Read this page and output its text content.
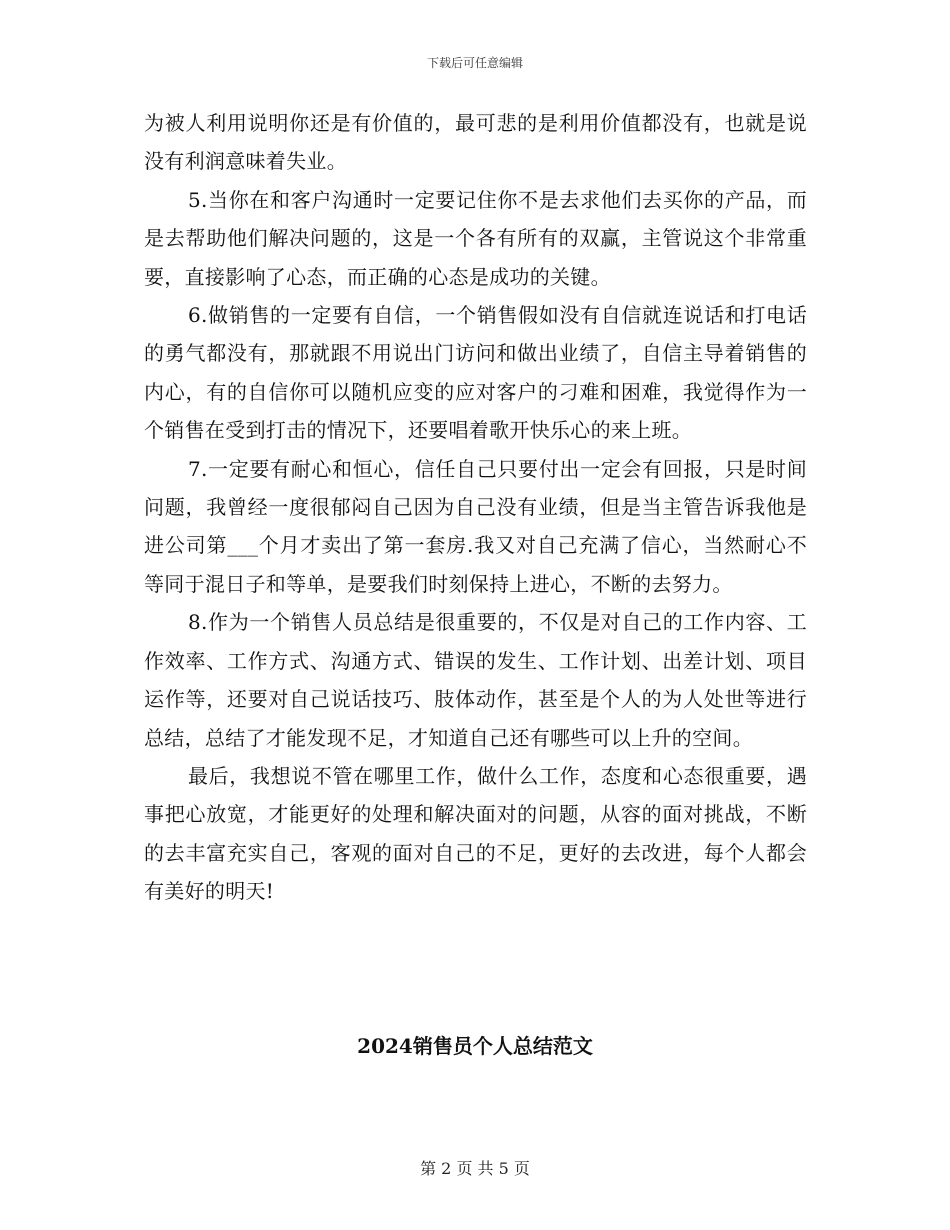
下载后可任意编辑

为被人利用说明你还是有价值的，最可悲的是利用价值都没有，也就是说没有利润意味着失业。

5.当你在和客户沟通时一定要记住你不是去求他们去买你的产品，而是去帮助他们解决问题的，这是一个各有所有的双赢，主管说这个非常重要，直接影响了心态，而正确的心态是成功的关键。

6.做销售的一定要有自信，一个销售假如没有自信就连说话和打电话的勇气都没有，那就跟不用说出门访问和做出业绩了，自信主导着销售的内心，有的自信你可以随机应变的应对客户的刁难和困难，我觉得作为一个销售在受到打击的情况下，还要唱着歌开快乐心的来上班。

7.一定要有耐心和恒心，信任自己只要付出一定会有回报，只是时间问题，我曾经一度很郁闷自己因为自己没有业绩，但是当主管告诉我他是进公司第___个月才卖出了第一套房.我又对自己充满了信心，当然耐心不等同于混日子和等单，是要我们时刻保持上进心，不断的去努力。

8.作为一个销售人员总结是很重要的，不仅是对自己的工作内容、工作效率、工作方式、沟通方式、错误的发生、工作计划、出差计划、项目运作等，还要对自己说话技巧、肢体动作，甚至是个人的为人处世等进行总结，总结了才能发现不足，才知道自己还有哪些可以上升的空间。

最后，我想说不管在哪里工作，做什么工作，态度和心态很重要，遇事把心放宽，才能更好的处理和解决面对的问题，从容的面对挑战，不断的去丰富充实自己，客观的面对自己的不足，更好的去改进，每个人都会有美好的明天!

2024销售员个人总结范文
第 2 页 共 5 页
